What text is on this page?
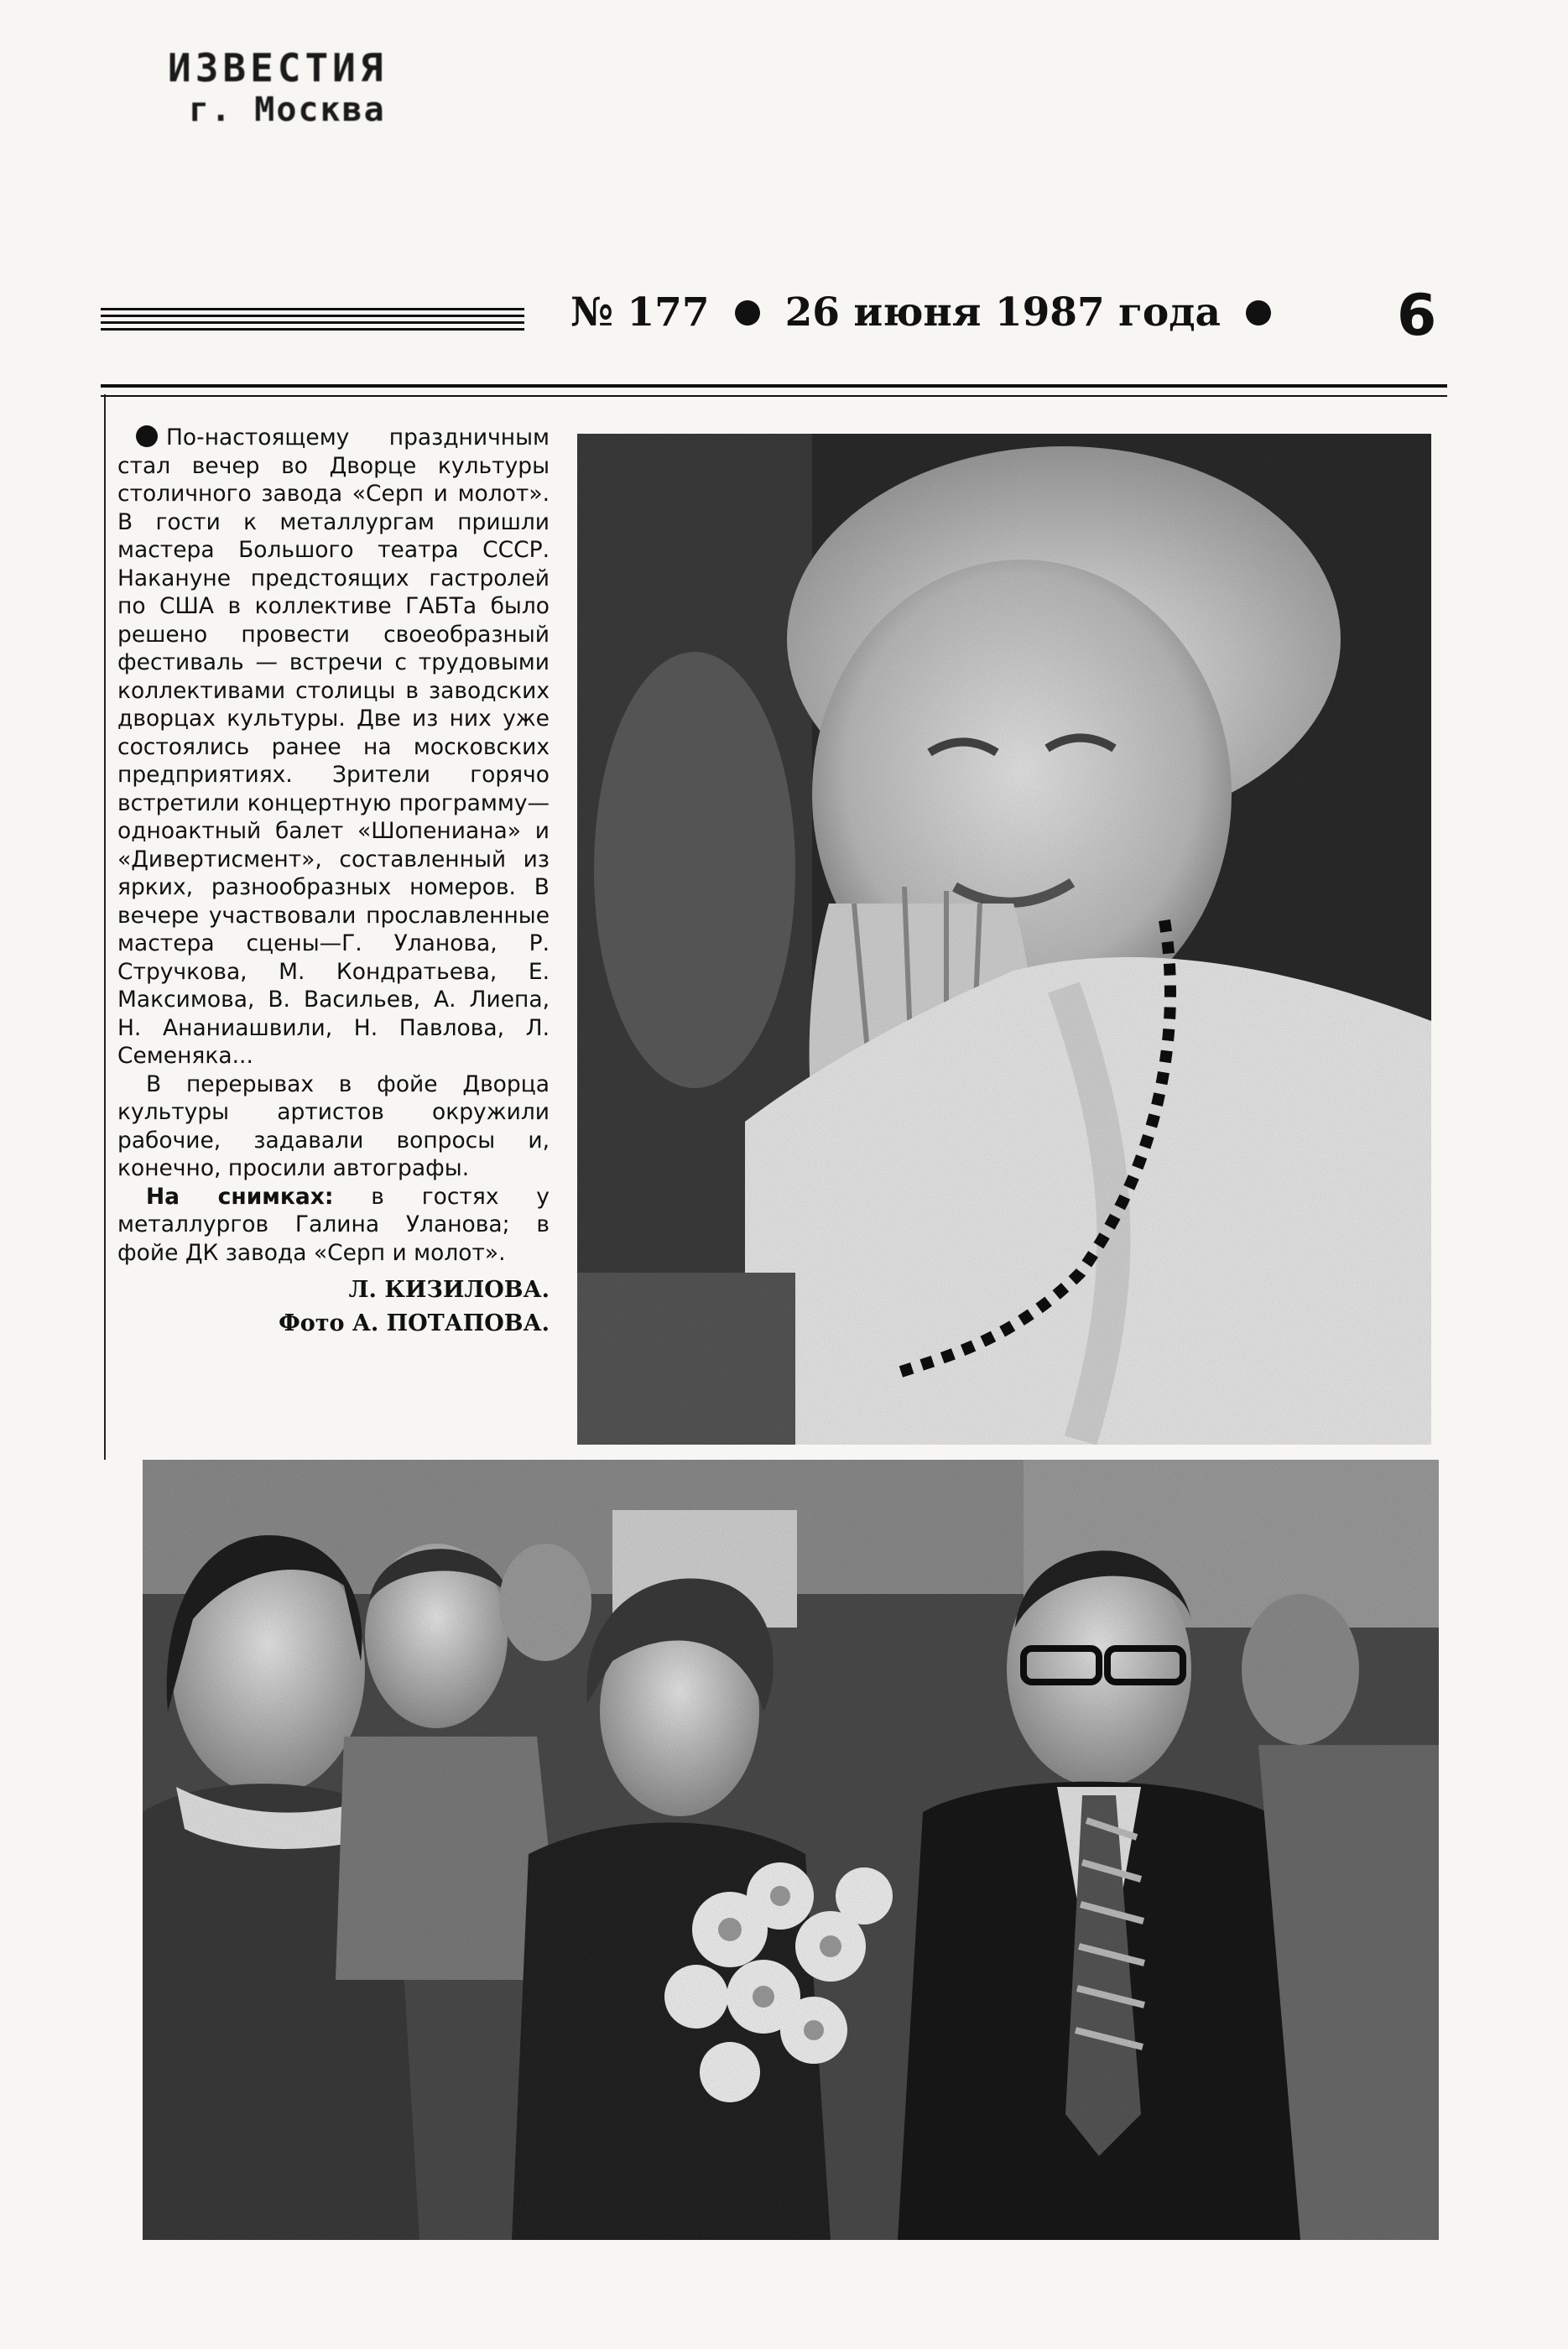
ИЗВЕСТИЯ
г. Москва
№ 177 26 июня 1987 года	6

По-настоящему праздничным стал вечер во Дворце культуры столичного завода «Серп и молот». В гости к металлургам пришли мастера Большого театра СССР. Накануне предстоящих гастролей по США в коллективе ГАБТа было решено провести своеобразный фестиваль — встречи с трудовыми коллективами столицы в заводских дворцах культуры. Две из них уже состоялись ранее на московских предприятиях. Зрители горячо встретили концертную программу—одноактный балет «Шопениана» и «Дивертисмент», составленный из ярких, разнообразных номеров. В вечере участвовали прославленные мастера сцены—Г. Уланова, Р. Стручкова, М. Кондратьева, Е. Максимова, В. Васильев, А. Лиепа, Н. Ананиашвили, Н. Павлова, Л. Семеняка...

В перерывах в фойе Дворца культуры артистов окружили рабочие, задавали вопросы и, конечно, просили автографы.

На снимках: в гостях у металлургов Галина Уланова; в фойе ДК завода «Серп и молот».

Л. КИЗИЛОВА.
Фото А. ПОТАПОВА.
